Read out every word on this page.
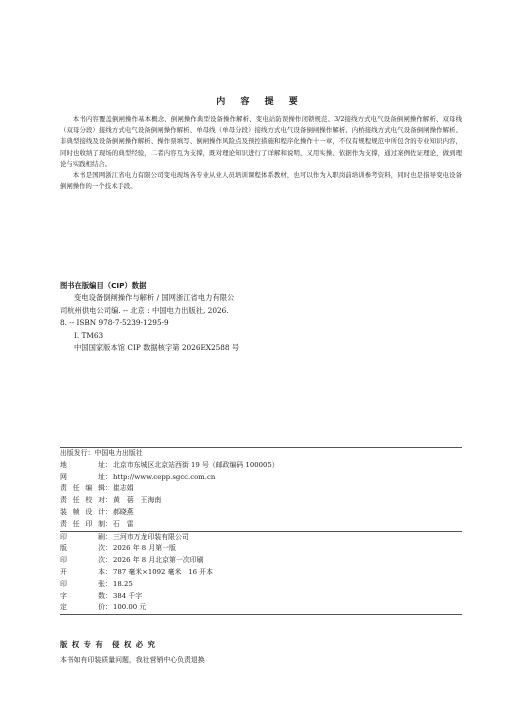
内 容 提 要

本书内容覆盖倒闸操作基本概念、倒闸操作典型设备操作解析、变电站防误操作闭锁规范、3/2接线方式电气设备倒闸操作解析、双母线（双母分段）接线方式电气设备倒闸操作解析、单母线（单母分段）接线方式电气设备倒闸操作解析、内桥接线方式电气设备倒闸操作解析、非典型接线及设备倒闸操作解析、操作票填写、倒闸操作风险点及预控措施和程序化操作十一章，不仅有规程规范中所包含的专业知识内容，同时也收纳了现场的典型经验，二者内容互为支撑，既对理论知识进行了详解和说明，又用实操、依据作为支撑，通过案例佐证理论，做到理论与实践相结合。

本书是国网浙江省电力有限公司变电现场各专业从业人员培训课程体系教材，也可以作为入职岗前培训参考资料，同时也是指导变电设备倒闸操作的一个技术手段。

图书在版编目（CIP）数据
变电设备倒闸操作与解析 / 国网浙江省电力有限公
司杭州供电公司编. -- 北京 : 中国电力出版社, 2026.
8. -- ISBN 978-7-5239-1295-9
Ⅰ. TM63
中国国家版本馆 CIP 数据核字第 2026EX2588 号
出版发行： 中国电力出版社
地	址 ： 北京市东城区北京站西街 19 号（邮政编码 100005）
网	址 ： http://www.cepp.sgcc.com.cn
责 任 编 辑 ： 崔志娟
责 任 校 对 ： 黄　蓓　王海南
装 帧 设 计 ： 郝晓燕
责 任 印 制 ： 石　雷
印	刷 ： 三河市万龙印装有限公司
版	次 ： 2026 年 8 月第一版
印	次 ： 2026 年 8 月北京第一次印刷
开	本 ： 787 毫米×1092 毫米　16 开本
印	张 ： 18.25
字	数 ： 384 千字
定	价 ： 100.00 元
版 权 专 有　侵 权 必 究
本书如有印装质量问题，我社营销中心负责退换
